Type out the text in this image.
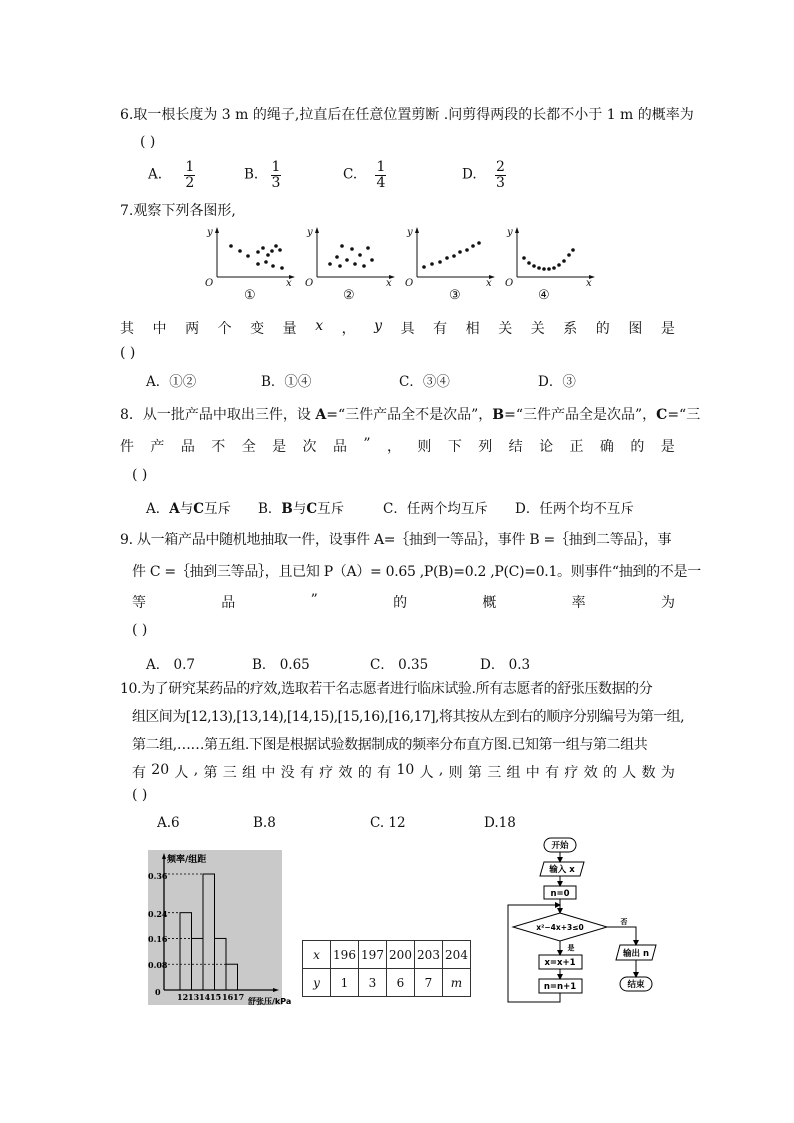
6.取一根长度为 3 m 的绳子,拉直后在任意位置剪断 .问剪得两段的长都不小于 1 m 的概率为
( )
A. $\frac{1}{2}$	B. $\frac{1}{3}$	C. $\frac{1}{4}$	D. $\frac{2}{3}$
7.观察下列各图形,
y
O	x
y
O	x
y
O	x
y
O	x
①	②	③	④
其 中 两 个 变 量 x ， y 具 有 相 关 关 系 的 图 是
( )
A．①②	B．①④	C．③④	D．③
8．从一批产品中取出三件，设 A=“三件产品全不是次品”，B=“三件产品全是次品”，C=“三
件 产 品 不 全 是 次 品 ” ， 则 下 列 结 论 正 确 的 是
( )
A．A与C互斥 B．B与C互斥	C．任两个均互斥 D．任两个均不互斥
9. 从一箱产品中随机地抽取一件，设事件 A=｛抽到一等品｝，事件 B =｛抽到二等品｝，事
件 C =｛抽到三等品｝，且已知 P（A）= 0.65 ,P(B)=0.2 ,P(C)=0.1。则事件“抽到的不是一
等	品	”	的	概	率	为
( )
A． 0.7	B． 0.65	C． 0.35	D． 0.3
10.为了研究某药品的疗效,选取若干名志愿者进行临床试验.所有志愿者的舒张压数据的分
组区间为[12,13),[13,14),[14,15),[15,16),[16,17],将其按从左到右的顺序分别编号为第一组,
第二组,……第五组.下图是根据试验数据制成的频率分布直方图.已知第一组与第二组共
有 20 人 , 第 三 组 中 没 有 疗 效 的 有 10 人 , 则 第 三 组 中 有 疗 效 的 人 数 为
( )
A.6	B.8	C. 12	D.18
频率/组距
舒张压/kPa
0
0.36
0.24
0.16
0.08
12 13 14 15 16 17
x	196	197	200	203	204
y	1	3	6	7	m
开始
输入 x
n=0
x²−4x+3≤0
是
否
x=x+1
n=n+1
输出 n
结束
